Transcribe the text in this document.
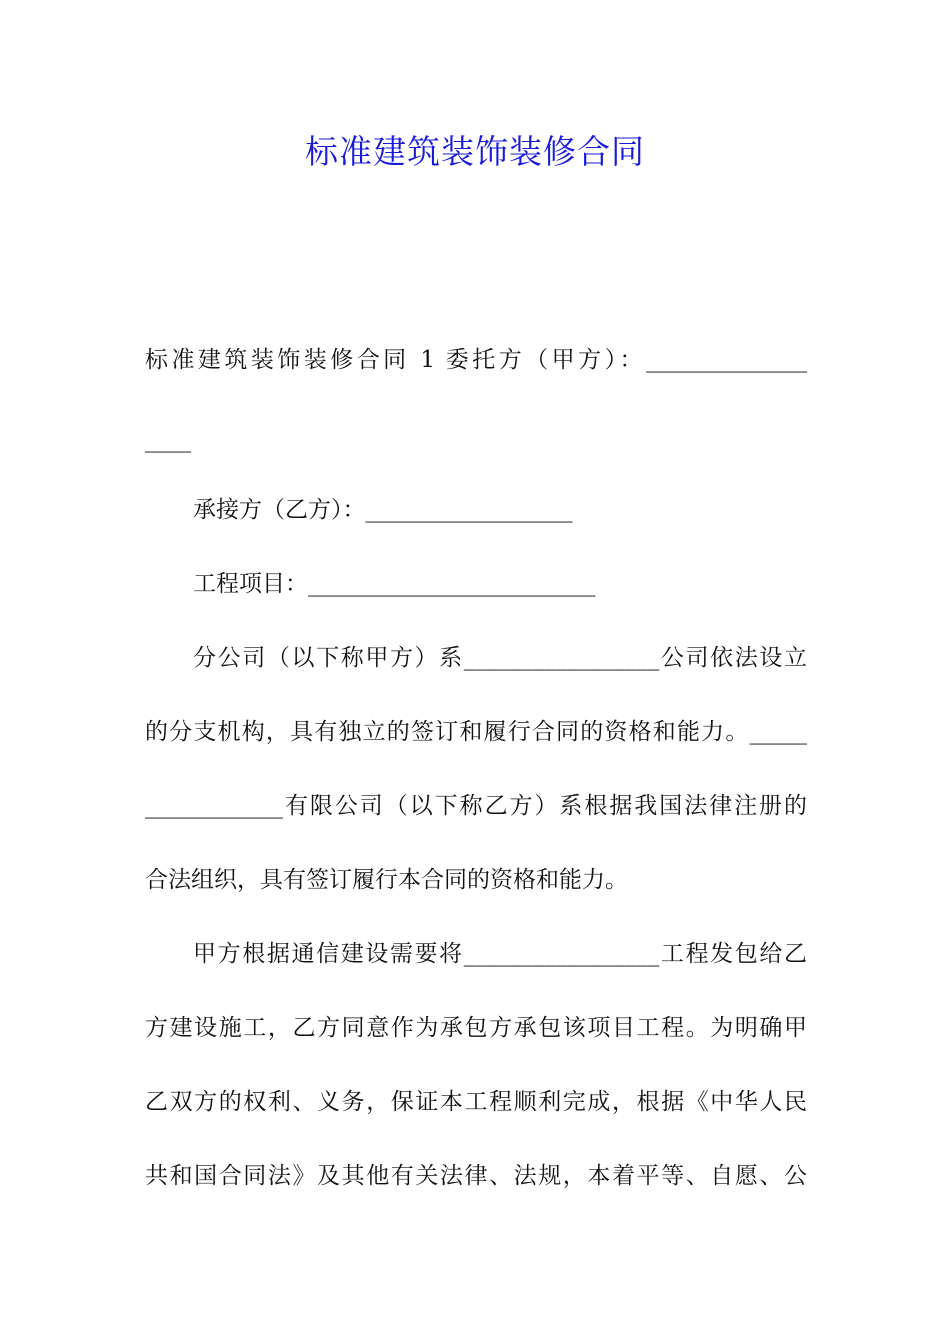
标准建筑装饰装修合同
标准建筑装饰装修合同 1 委托方（甲方）：______________
____
承接方（乙方）：__________________
工程项目：_________________________
分公司（以下称甲方）系_________________公司依法设立
的分支机构，具有独立的签订和履行合同的资格和能力。_____
____________有限公司（以下称乙方）系根据我国法律注册的
合法组织，具有签订履行本合同的资格和能力。
甲方根据通信建设需要将_________________工程发包给乙
方建设施工，乙方同意作为承包方承包该项目工程。为明确甲
乙双方的权利、义务，保证本工程顺利完成，根据《中华人民
共和国合同法》及其他有关法律、法规，本着平等、自愿、公
